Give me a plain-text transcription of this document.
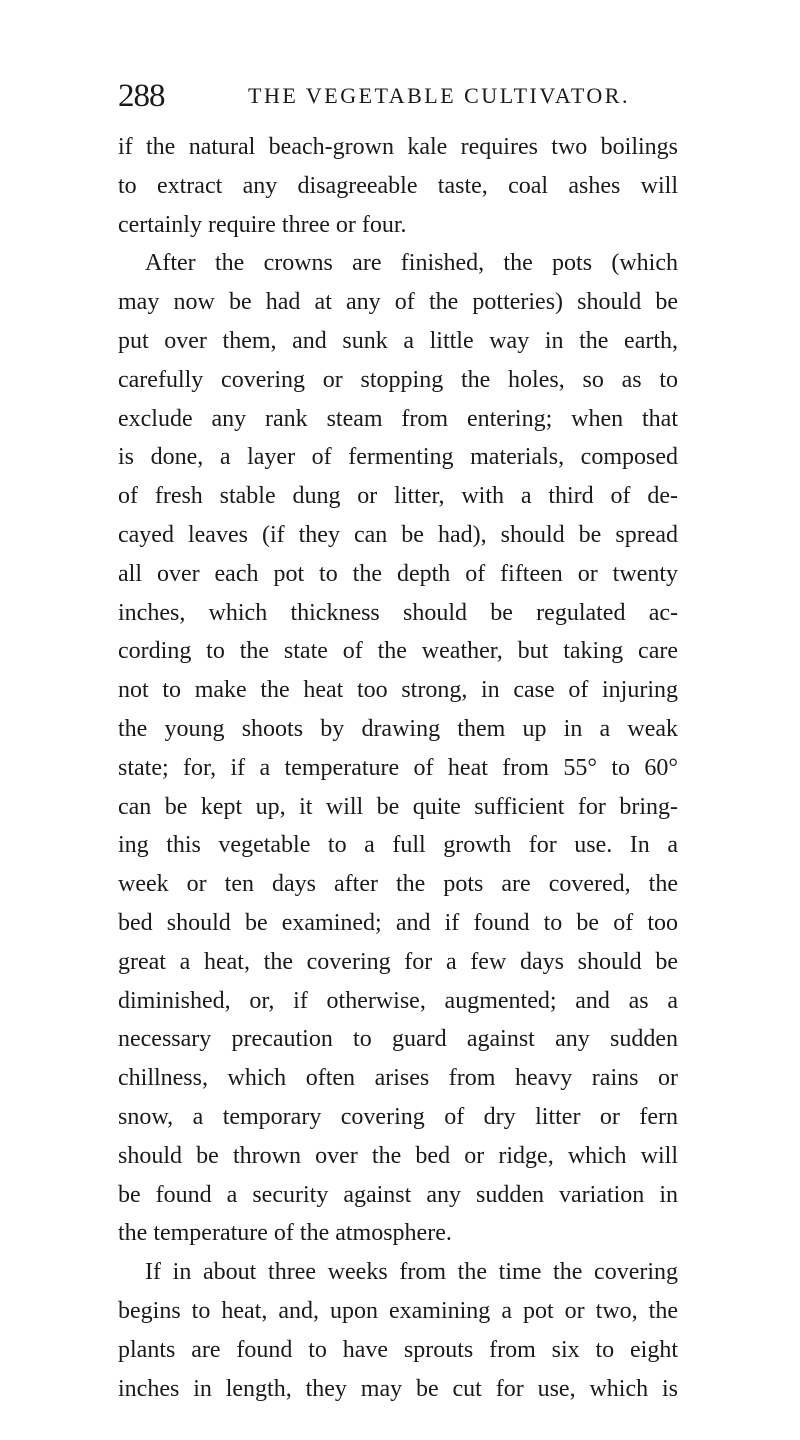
288	THE VEGETABLE CULTIVATOR.
if the natural beach-grown kale requires two boilings
to extract any disagreeable taste, coal ashes will
certainly require three or four.
After the crowns are finished, the pots (which
may now be had at any of the potteries) should be
put over them, and sunk a little way in the earth,
carefully covering or stopping the holes, so as to
exclude any rank steam from entering; when that
is done, a layer of fermenting materials, composed
of fresh stable dung or litter, with a third of de-
cayed leaves (if they can be had), should be spread
all over each pot to the depth of fifteen or twenty
inches, which thickness should be regulated ac-
cording to the state of the weather, but taking care
not to make the heat too strong, in case of injuring
the young shoots by drawing them up in a weak
state; for, if a temperature of heat from 55° to 60°
can be kept up, it will be quite sufficient for bring-
ing this vegetable to a full growth for use. In a
week or ten days after the pots are covered, the
bed should be examined; and if found to be of too
great a heat, the covering for a few days should be
diminished, or, if otherwise, augmented; and as a
necessary precaution to guard against any sudden
chillness, which often arises from heavy rains or
snow, a temporary covering of dry litter or fern
should be thrown over the bed or ridge, which will
be found a security against any sudden variation in
the temperature of the atmosphere.
If in about three weeks from the time the covering
begins to heat, and, upon examining a pot or two, the
plants are found to have sprouts from six to eight
inches in length, they may be cut for use, which is
